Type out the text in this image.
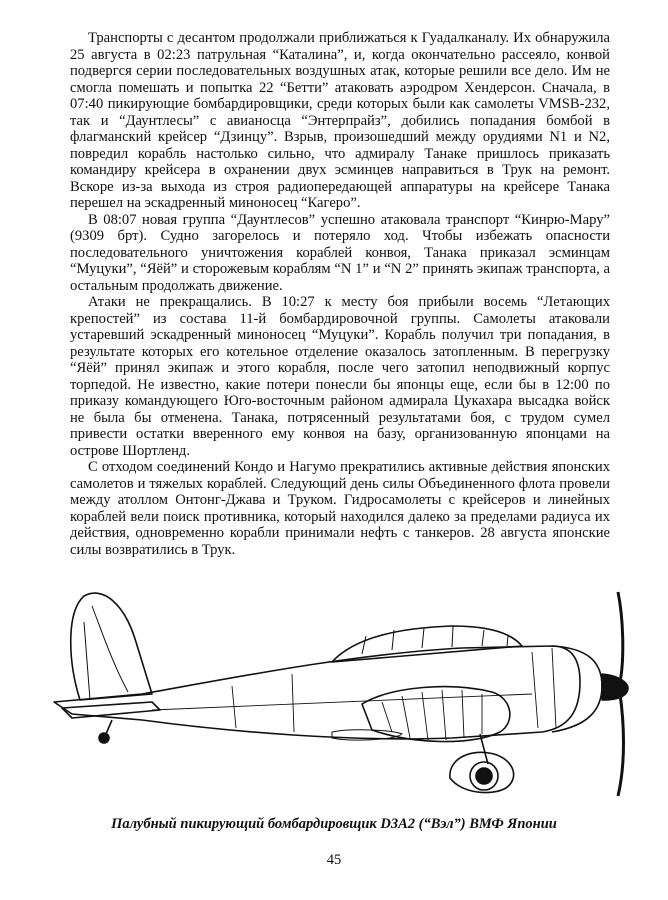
Транспорты с десантом продолжали приближаться к Гуадалканалу. Их обнаружила 25 августа в 02:23 патрульная “Каталина”, и, когда окончательно рассеяло, конвой подвергся серии последовательных воздушных атак, которые решили все дело. Им не смогла помешать и попытка 22 “Бетти” атаковать аэродром Хендерсон. Сначала, в 07:40 пикирующие бомбардировщики, среди которых были как самолеты VMSB-232, так и “Даунтлесы” с авианосца “Энтерпрайз”, добились попадания бомбой в флагманский крейсер “Дзинцу”. Взрыв, произошедший между орудиями N1 и N2, повредил корабль настолько сильно, что адмиралу Танаке пришлось приказать командиру крейсера в охранении двух эсминцев направиться в Трук на ремонт. Вскоре из-за выхода из строя радиопередающей аппаратуры на крейсере Танака перешел на эскадренный миноносец “Кагеро”.

В 08:07 новая группа “Даунтлесов” успешно атаковала транспорт “Кинрю-Мару” (9309 брт). Судно загорелось и потеряло ход. Чтобы избежать опасности последовательного уничтожения кораблей конвоя, Танака приказал эсминцам “Муцуки”, “Яёй” и сторожевым кораблям “N 1” и “N 2” принять экипаж транспорта, а остальным продолжать движение.

Атаки не прекращались. В 10:27 к месту боя прибыли восемь “Летающих крепостей” из состава 11-й бомбардировочной группы. Самолеты атаковали устаревший эскадренный миноносец “Муцуки”. Корабль получил три попадания, в результате которых его котельное отделение оказалось затопленным. В перегрузку “Яёй” принял экипаж и этого корабля, после чего затопил неподвижный корпус торпедой. Не известно, какие потери понесли бы японцы еще, если бы в 12:00 по приказу командующего Юго-восточным районом адмирала Цукахара высадка войск не была бы отменена. Танака, потрясенный результатами боя, с трудом сумел привести остатки вверенного ему конвоя на базу, организованную японцами на острове Шортленд.

С отходом соединений Кондо и Нагумо прекратились активные действия японских самолетов и тяжелых кораблей. Следующий день силы Объединенного флота провели между атоллом Онтонг-Джава и Труком. Гидросамолеты с крейсеров и линейных кораблей вели поиск противника, который находился далеко за пределами радиуса их действия, одновременно корабли принимали нефть с танкеров. 28 августа японские силы возвратились в Трук.

Палубный пикирующий бомбардировщик D3A2 (“Вэл”) ВМФ Японии
45
